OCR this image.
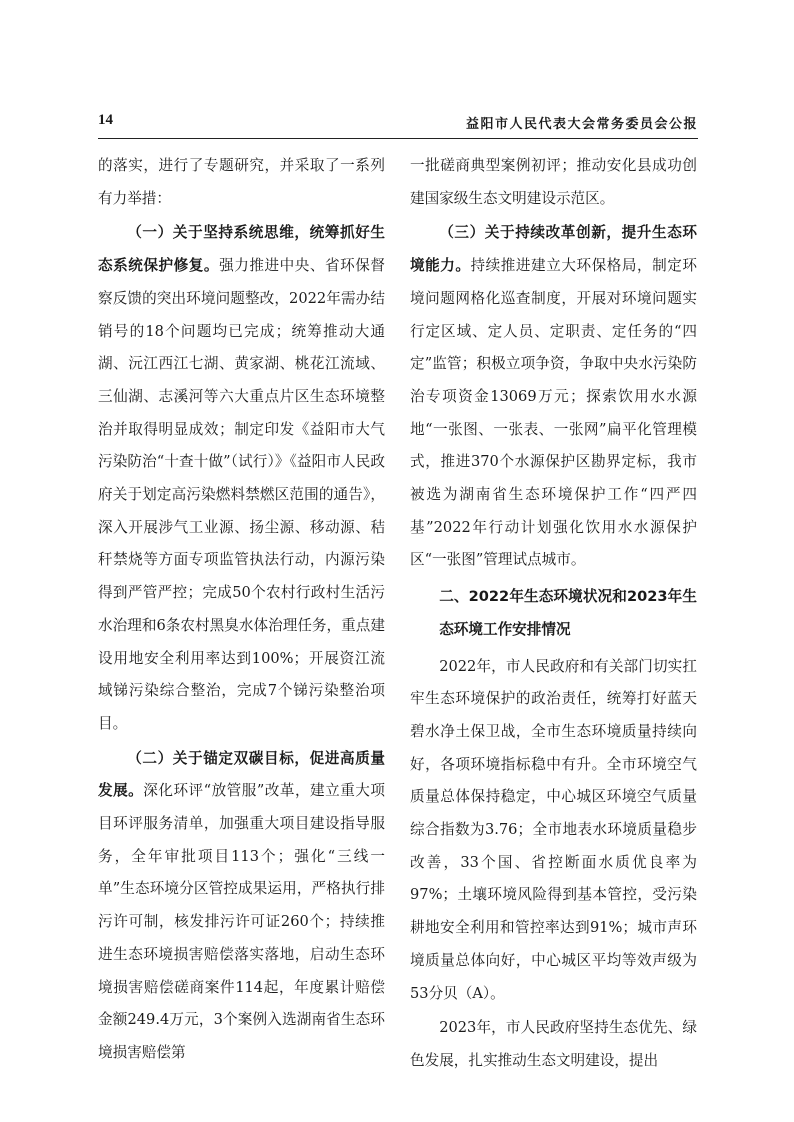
14	益阳市人民代表大会常务委员会公报

的落实，进行了专题研究，并采取了一系列有力举措：

（一）关于坚持系统思维，统筹抓好生态系统保护修复。强力推进中央、省环保督察反馈的突出环境问题整改，2022年需办结销号的18个问题均已完成；统筹推动大通湖、沅江西江七湖、黄家湖、桃花江流域、三仙湖、志溪河等六大重点片区生态环境整治并取得明显成效；制定印发《益阳市大气污染防治“十查十做”（试行）》《益阳市人民政府关于划定高污染燃料禁燃区范围的通告》，深入开展涉气工业源、扬尘源、移动源、秸秆禁烧等方面专项监管执法行动，内源污染得到严管严控；完成50个农村行政村生活污水治理和6条农村黑臭水体治理任务，重点建设用地安全利用率达到100%；开展资江流域锑污染综合整治，完成7个锑污染整治项目。

（二）关于锚定双碳目标，促进高质量发展。深化环评“放管服”改革，建立重大项目环评服务清单，加强重大项目建设指导服务，全年审批项目113个；强化“三线一单”生态环境分区管控成果运用，严格执行排污许可制，核发排污许可证260个；持续推进生态环境损害赔偿落实落地，启动生态环境损害赔偿磋商案件114起，年度累计赔偿金额249.4万元，3个案例入选湖南省生态环境损害赔偿第

一批磋商典型案例初评；推动安化县成功创建国家级生态文明建设示范区。

（三）关于持续改革创新，提升生态环境能力。持续推进建立大环保格局，制定环境问题网格化巡查制度，开展对环境问题实行定区域、定人员、定职责、定任务的“四定”监管；积极立项争资，争取中央水污染防治专项资金13069万元；探索饮用水水源地“一张图、一张表、一张网”扁平化管理模式，推进370个水源保护区勘界定标，我市被选为湖南省生态环境保护工作“四严四基”2022年行动计划强化饮用水水源保护区“一张图”管理试点城市。

二、2022年生态环境状况和2023年生态环境工作安排情况

2022年，市人民政府和有关部门切实扛牢生态环境保护的政治责任，统筹打好蓝天碧水净土保卫战，全市生态环境质量持续向好，各项环境指标稳中有升。全市环境空气质量总体保持稳定，中心城区环境空气质量综合指数为3.76；全市地表水环境质量稳步改善，33个国、省控断面水质优良率为97%；土壤环境风险得到基本管控，受污染耕地安全利用和管控率达到91%；城市声环境质量总体向好，中心城区平均等效声级为53分贝（A）。

2023年，市人民政府坚持生态优先、绿色发展，扎实推动生态文明建设，提出
